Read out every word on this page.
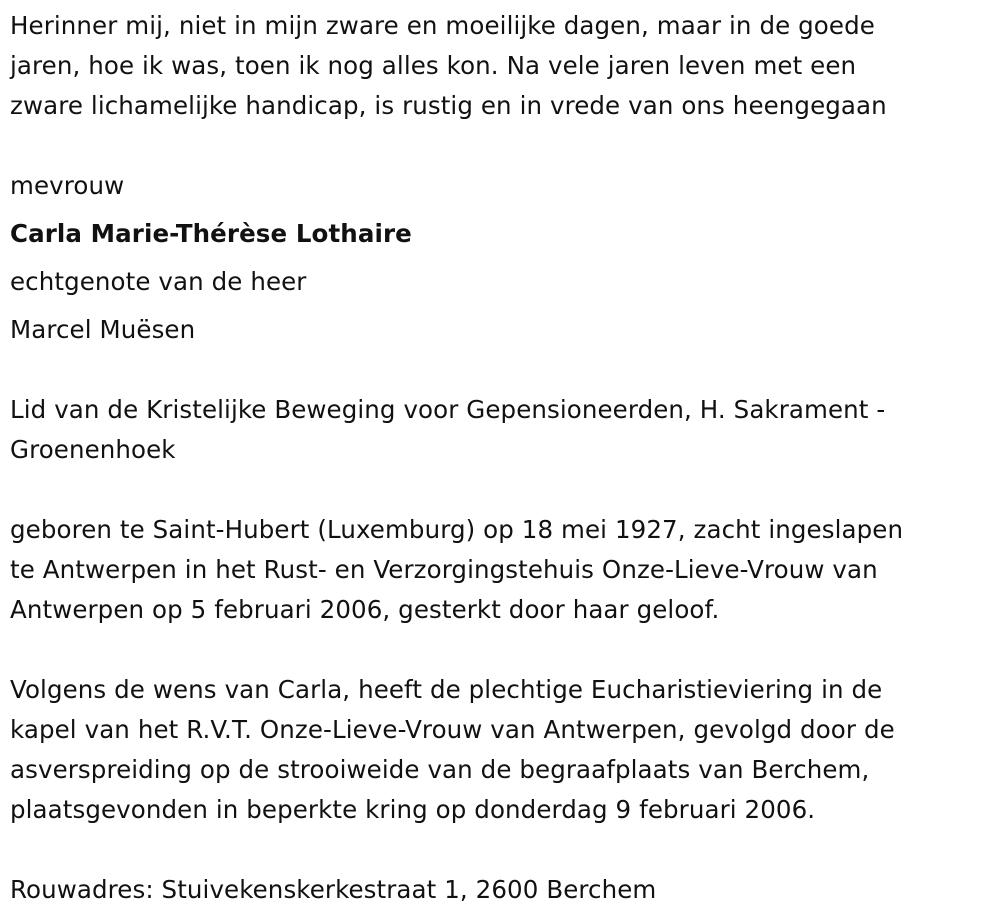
Herinner mij, niet in mijn zware en moeilijke dagen, maar in de goede
jaren, hoe ik was, toen ik nog alles kon. Na vele jaren leven met een
zware lichamelijke handicap, is rustig en in vrede van ons heengegaan
mevrouw
Carla Marie-Thérèse Lothaire
echtgenote van de heer
Marcel Muësen
Lid van de Kristelijke Beweging voor Gepensioneerden, H. Sakrament -
Groenenhoek
geboren te Saint-Hubert (Luxemburg) op 18 mei 1927, zacht ingeslapen
te Antwerpen in het Rust- en Verzorgingstehuis Onze-Lieve-Vrouw van
Antwerpen op 5 februari 2006, gesterkt door haar geloof.
Volgens de wens van Carla, heeft de plechtige Eucharistieviering in de
kapel van het R.V.T. Onze-Lieve-Vrouw van Antwerpen, gevolgd door de
asverspreiding op de strooiweide van de begraafplaats van Berchem,
plaatsgevonden in beperkte kring op donderdag 9 februari 2006.
Rouwadres: Stuivekenskerkestraat 1, 2600 Berchem
